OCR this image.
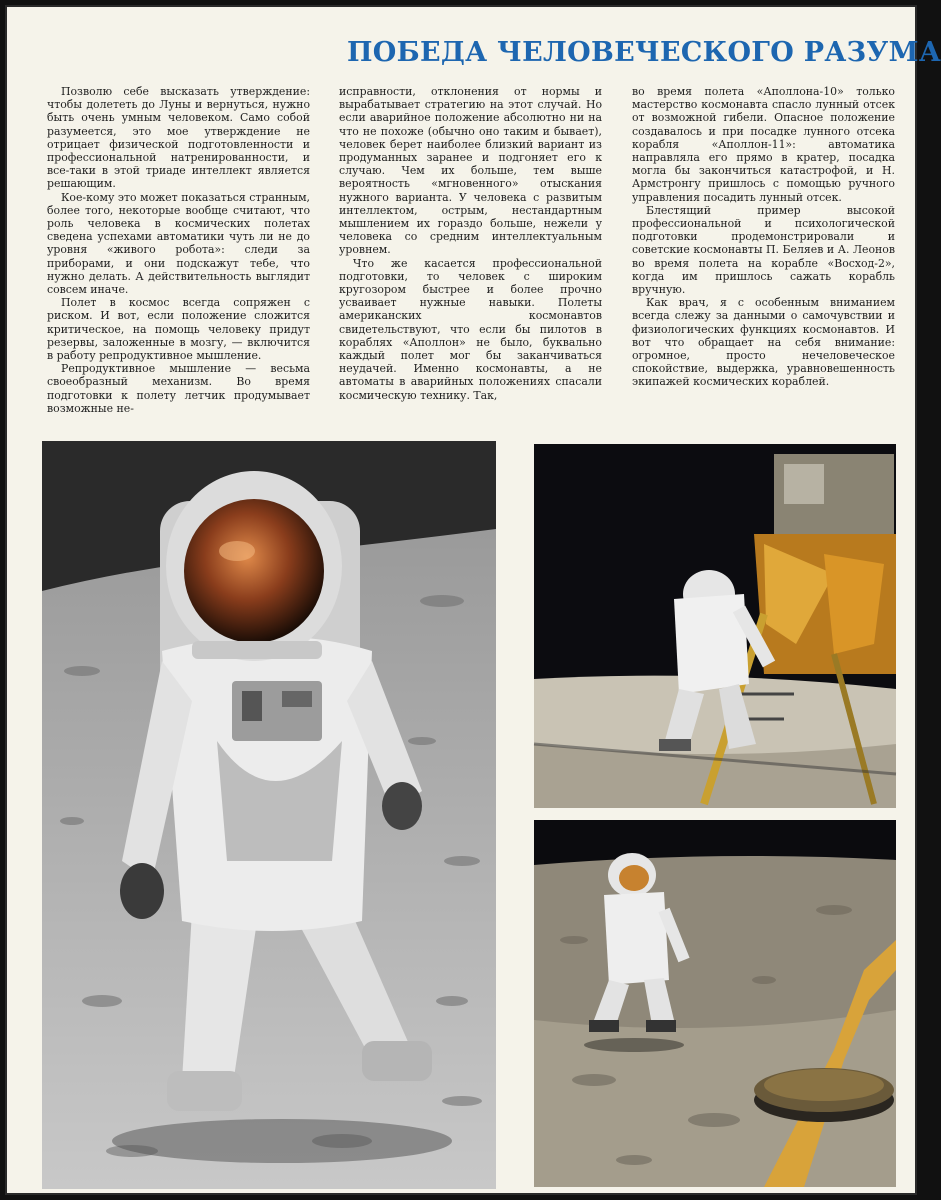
ПОБЕДА ЧЕЛОВЕЧЕСКОГО РАЗУМА

Позволю себе высказать утверждение: чтобы долететь до Луны и вернуться, нужно быть очень умным человеком. Само собой разумеется, это мое утверждение не отрицает физической подготовленности и профессиональной натренированности, и все-таки в этой триаде интеллект является решающим.

Кое-кому это может показаться странным, более того, некоторые вообще считают, что роль человека в космических полетах сведена успехами автоматики чуть ли не до уровня «живого робота»: следи за приборами, и они подскажут тебе, что нужно делать. А действительность выглядит совсем иначе.

Полет в космос всегда сопряжен с риском. И вот, если положение сложится критическое, на помощь человеку придут резервы, заложенные в мозгу, — включится в работу репродуктивное мышление.

Репродуктивное мышление — весьма своеобразный механизм. Во время подготовки к полету летчик продумывает возможные не-

исправности, отклонения от нормы и вырабатывает стратегию на этот случай. Но если аварийное положение абсолютно ни на что не похоже (обычно оно таким и бывает), человек берет наиболее близкий вариант из продуманных заранее и подгоняет его к случаю. Чем их больше, тем выше вероятность «мгновенного» отыскания нужного варианта. У человека с развитым интеллектом, острым, нестандартным мышлением их гораздо больше, нежели у человека со средним интеллектуальным уровнем.

Что же касается профессиональной подготовки, то человек с широким кругозором быстрее и более прочно усваивает нужные навыки. Полеты американских космонавтов свидетельствуют, что если бы пилотов в кораблях «Аполлон» не было, буквально каждый полет мог бы заканчиваться неудачей. Именно космонавты, а не автоматы в аварийных положениях спасали космическую технику. Так,

во время полета «Аполлона-10» только мастерство космонавта спасло лунный отсек от возможной гибели. Опасное положение создавалось и при посадке лунного отсека корабля «Аполлон-11»: автоматика направляла его прямо в кратер, посадка могла бы закончиться катастрофой, и Н. Армстронгу пришлось с помощью ручного управления посадить лунный отсек.

Блестящий пример высокой профессиональной и психологической подготовки продемонстрировали и советские космонавты П. Беляев и А. Леонов во время полета на корабле «Восход-2», когда им пришлось сажать корабль вручную.

Как врач, я с особенным вниманием всегда слежу за данными о самочувствии и физиологических функциях космонавтов. И вот что обращает на себя внимание: огромное, просто нечеловеческое спокойствие, выдержка, уравновешенность экипажей космических кораблей.
